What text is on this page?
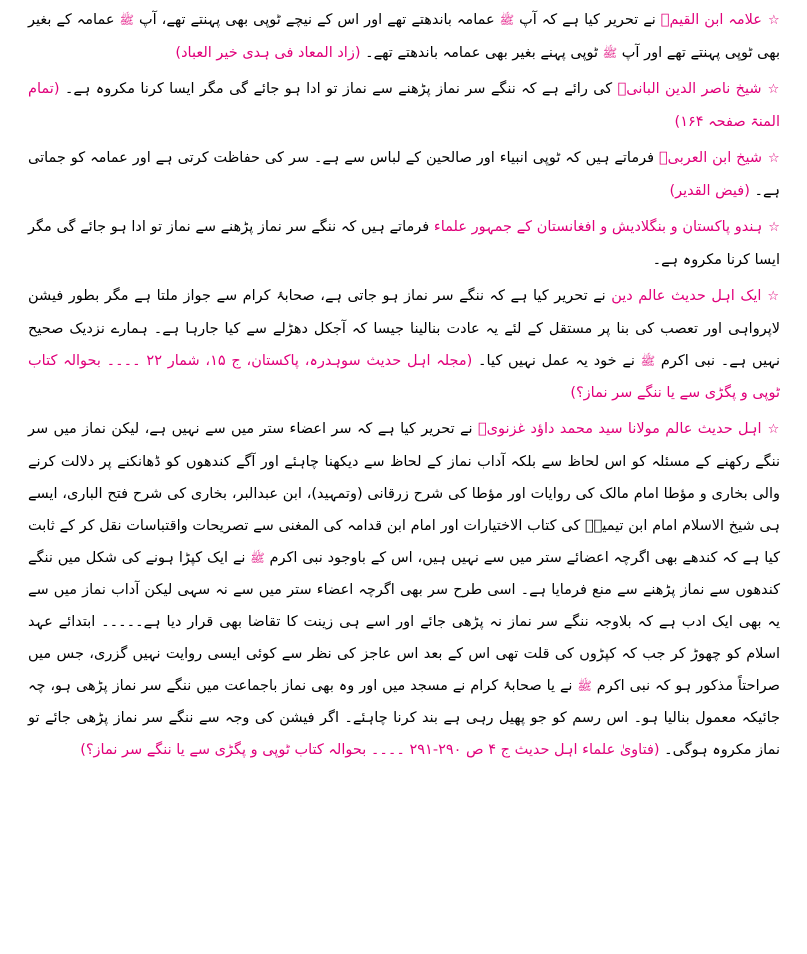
☆علامہ ابن القیمؒ نے تحریر کیا ہے کہ آپ ﷺ عمامہ باندھتے تھے اور اس کے نیچے ٹوپی بھی پہنتے تھے، آپ ﷺ عمامہ کے بغیر بھی ٹوپی پہنتے تھے اور آپ ﷺ ٹوپی پہنے بغیر بھی عمامہ باندھتے تھے۔ (زاد المعاد فی ہدی خیر العباد)

☆شیخ ناصر الدین البانیؒ کی رائے ہے کہ ننگے سر نماز پڑھنے سے نماز تو ادا ہو جائے گی مگر ایسا کرنا مکروہ ہے۔ (تمام المنۃ صفحہ ۱۶۴)

☆شیخ ابن العربیؒ فرماتے ہیں کہ ٹوپی انبیاء اور صالحین کے لباس سے ہے۔ سر کی حفاظت کرتی ہے اور عمامہ کو جماتی ہے۔ (فیض القدیر)

☆ہندو پاکستان و بنگلادیش و افغانستان کے جمہور علماء فرماتے ہیں کہ ننگے سر نماز پڑھنے سے نماز تو ادا ہو جائے گی مگر ایسا کرنا مکروہ ہے۔

☆ایک اہل حدیث عالم دین نے تحریر کیا ہے کہ ننگے سر نماز ہو جاتی ہے، صحابۂ کرام سے جواز ملتا ہے مگر بطور فیشن لاپرواہی اور تعصب کی بنا پر مستقل کے لئے یہ عادت بنالینا جیسا کہ آجکل دھڑلے سے کیا جارہا ہے۔ ہمارے نزدیک صحیح نہیں ہے۔ نبی اکرم ﷺ نے خود یہ عمل نہیں کیا۔ (مجلہ اہل حدیث سوہدرہ، پاکستان، ج ۱۵، شمار ۲۲ ۔۔۔۔ بحوالہ کتاب ٹوپی و پگڑی سے یا ننگے سر نماز؟)

☆اہل حدیث عالم مولانا سید محمد داؤد غزنویؒ نے تحریر کیا ہے کہ سر اعضاء ستر میں سے نہیں ہے، لیکن نماز میں سر ننگے رکھنے کے مسئلہ کو اس لحاظ سے بلکہ آداب نماز کے لحاظ سے دیکھنا چاہئے اور آگے کندھوں کو ڈھانکنے پر دلالت کرنے والی بخاری و مؤطا امام مالک کی روایات اور مؤطا کی شرح زرقانی (وتمہید)، ابن عبدالبر، بخاری کی شرح فتح الباری، ایسے ہی شیخ الاسلام امام ابن تیمیہؒ کی کتاب الاختیارات اور امام ابن قدامہ کی المغنی سے تصریحات واقتباسات نقل کر کے ثابت کیا ہے کہ کندھے بھی اگرچہ اعضائے ستر میں سے نہیں ہیں، اس کے باوجود نبی اکرم ﷺ نے ایک کپڑا ہونے کی شکل میں ننگے کندھوں سے نماز پڑھنے سے منع فرمایا ہے۔ اسی طرح سر بھی اگرچہ اعضاء ستر میں سے نہ سہی لیکن آداب نماز میں سے یہ بھی ایک ادب ہے کہ بلاوجہ ننگے سر نماز نہ پڑھی جائے اور اسے ہی زینت کا تقاضا بھی قرار دیا ہے۔۔۔۔۔ ابتدائے عہد اسلام کو چھوڑ کر جب کہ کپڑوں کی قلت تھی اس کے بعد اس عاجز کی نظر سے کوئی ایسی روایت نہیں گزری، جس میں صراحتاً مذکور ہو کہ نبی اکرم ﷺ نے یا صحابۂ کرام نے مسجد میں اور وہ بھی نماز باجماعت میں ننگے سر نماز پڑھی ہو، چہ جائیکہ معمول بنالیا ہو۔ اس رسم کو جو پھیل رہی ہے بند کرنا چاہئے۔ اگر فیشن کی وجہ سے ننگے سر نماز پڑھی جائے تو نماز مکروہ ہوگی۔ (فتاویٰ علماء اہل حدیث ج ۴ ص ۲۹۰-۲۹۱ ۔۔۔۔ بحوالہ کتاب ٹوپی و پگڑی سے یا ننگے سر نماز؟)
